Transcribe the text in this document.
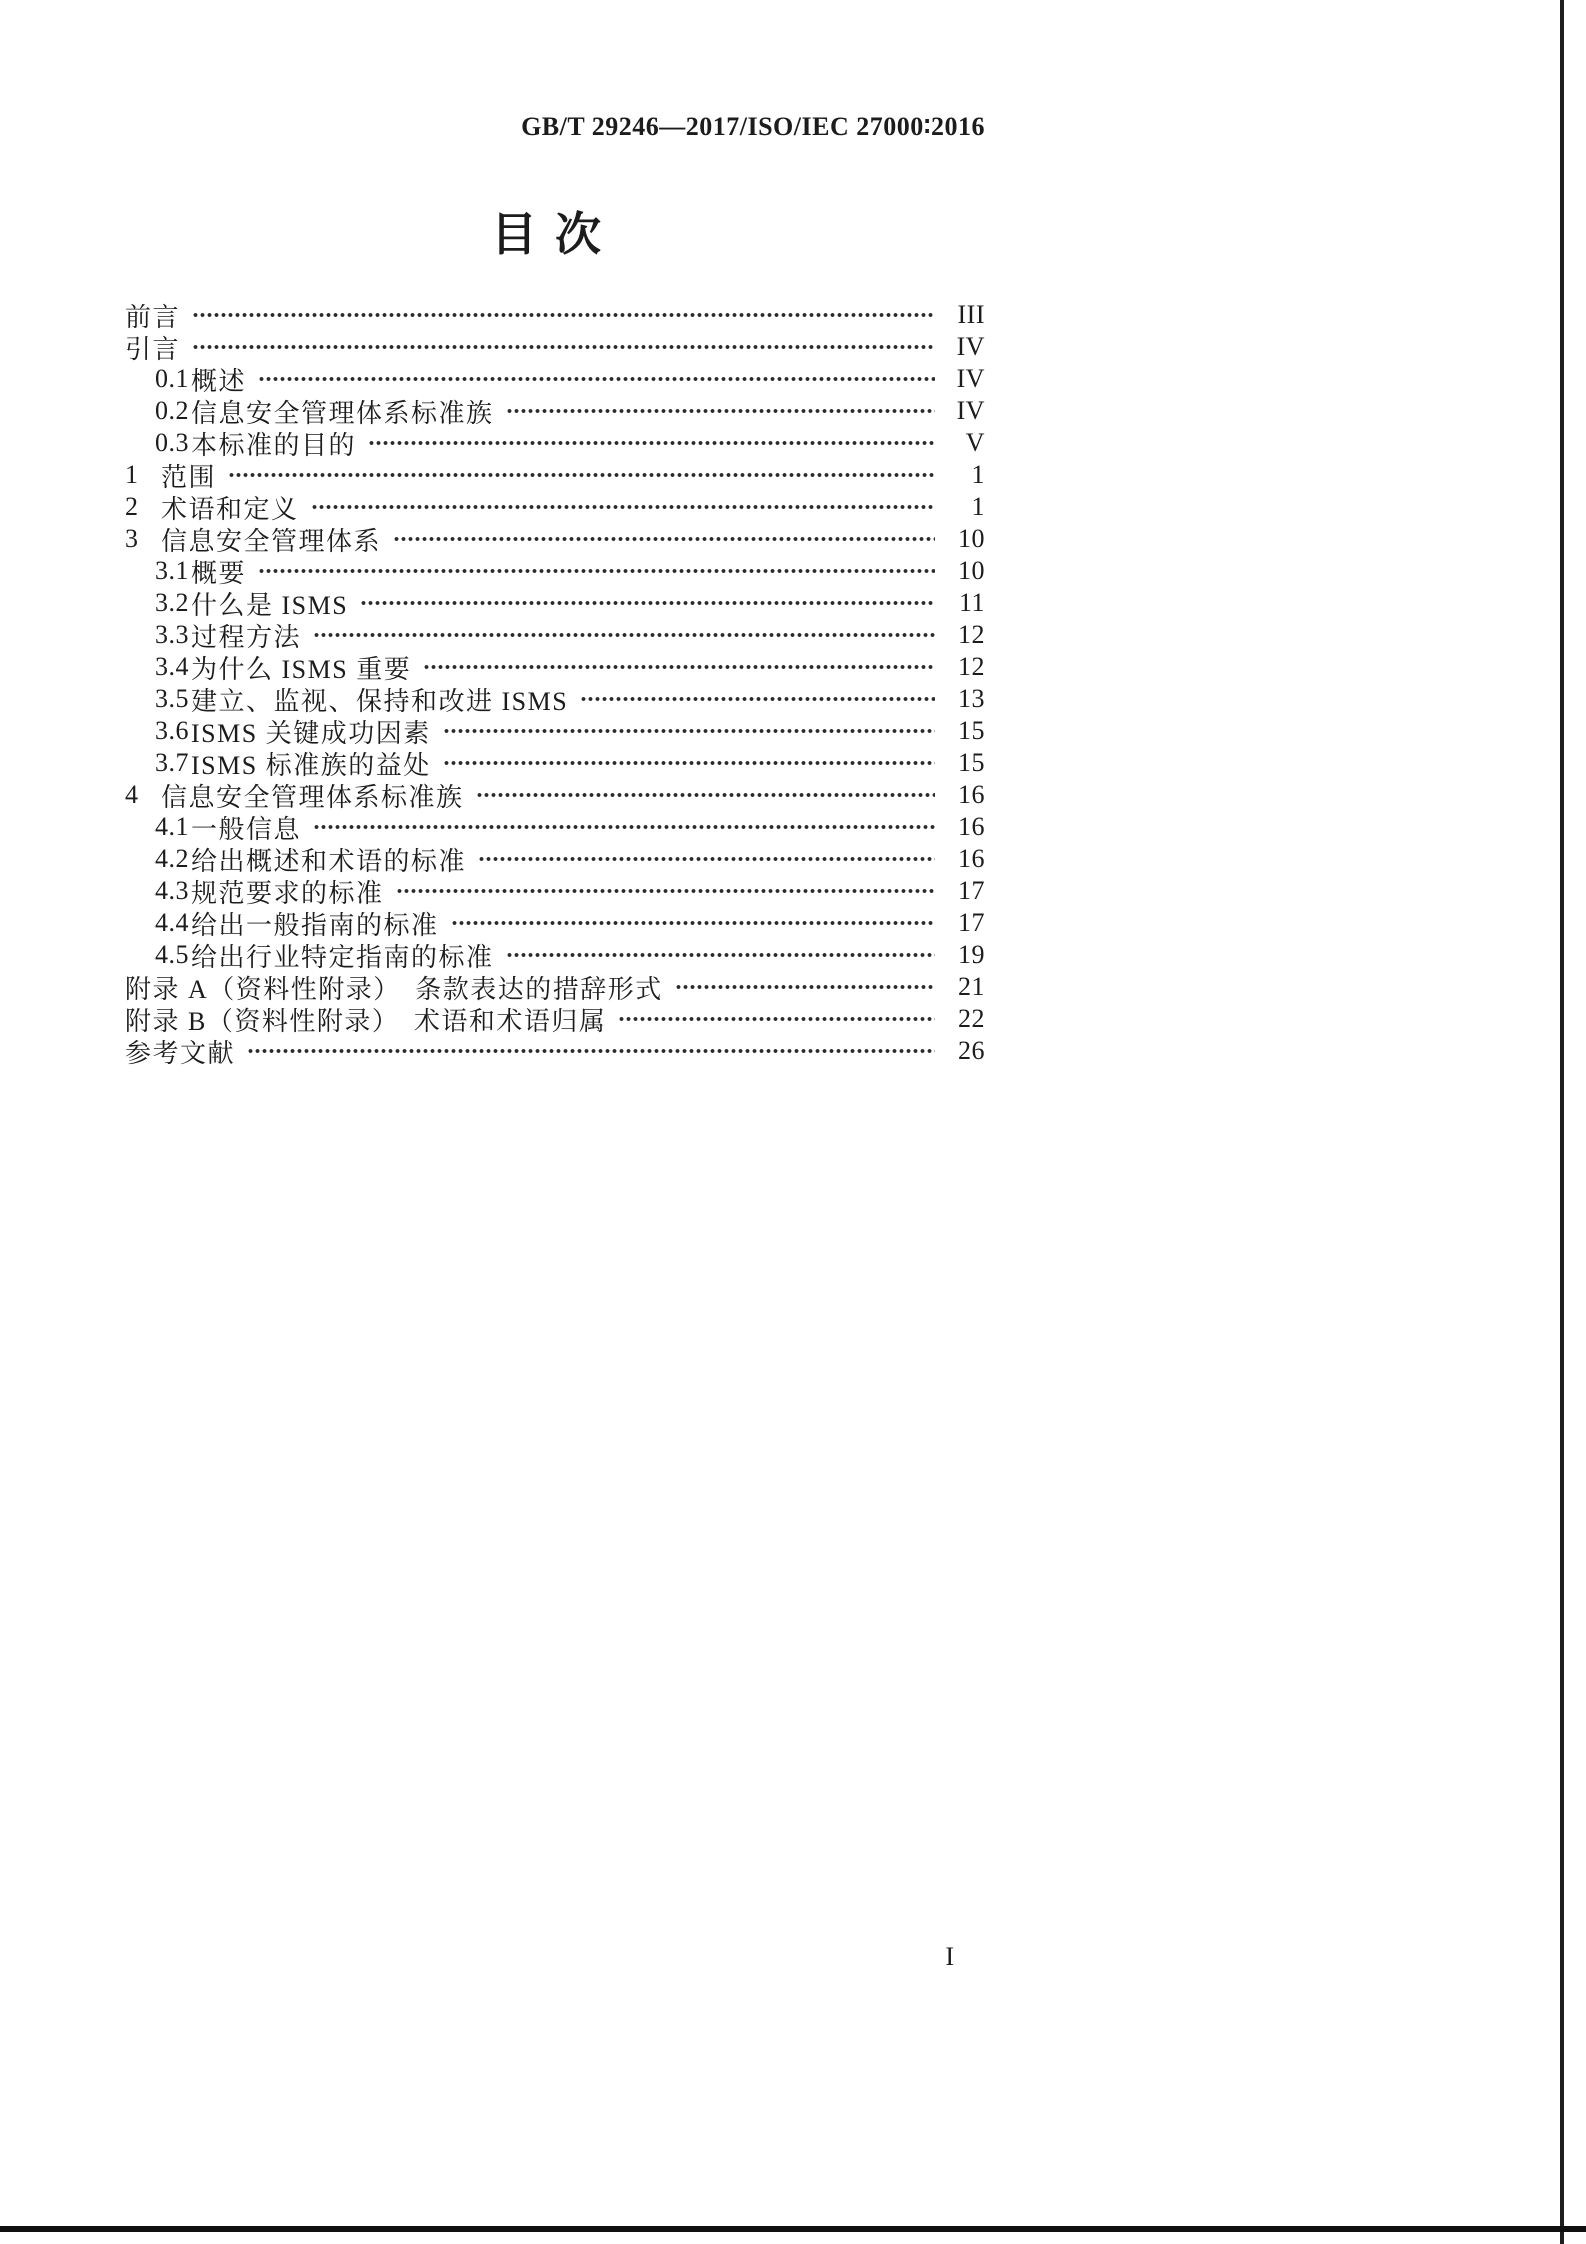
GB/T 29246—2017/ISO/IEC 27000∶2016
目次
前言	III
引言	IV
0.1 概述	IV
0.2 信息安全管理体系标准族	IV
0.3 本标准的目的	V
1 范围	1
2 术语和定义	1
3 信息安全管理体系	10
3.1 概要	10
3.2 什么是 ISMS	11
3.3 过程方法	12
3.4 为什么 ISMS 重要	12
3.5 建立、监视、保持和改进 ISMS	13
3.6 ISMS 关键成功因素	15
3.7 ISMS 标准族的益处	15
4 信息安全管理体系标准族	16
4.1 一般信息	16
4.2 给出概述和术语的标准	16
4.3 规范要求的标准	17
4.4 给出一般指南的标准	17
4.5 给出行业特定指南的标准	19
附录 A（资料性附录）　条款表达的措辞形式	21
附录 B（资料性附录）　术语和术语归属	22
参考文献	26
I
